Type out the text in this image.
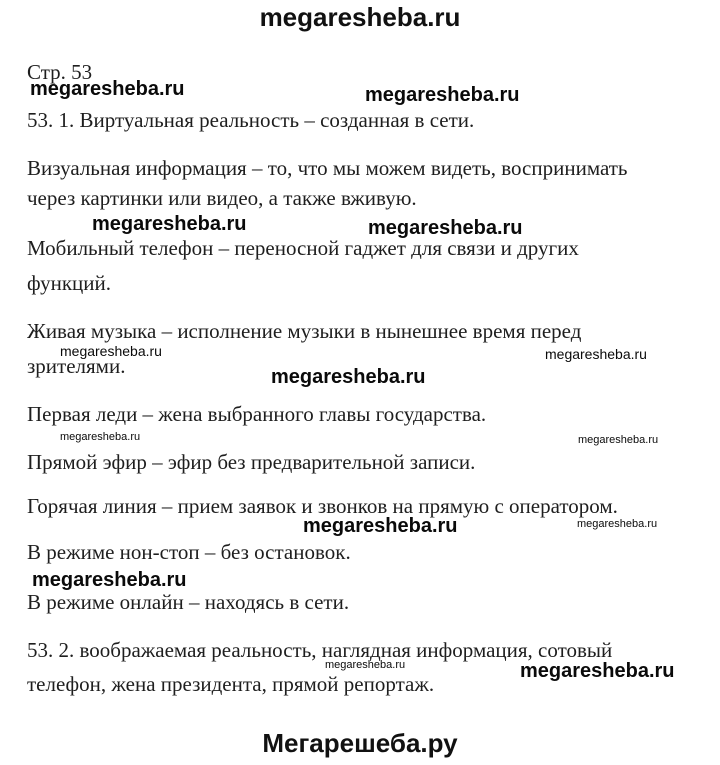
megaresheba.ru
Стр. 53
53. 1. Виртуальная реальность – созданная в сети.
Визуальная информация – то, что мы можем видеть, воспринимать
через картинки или видео, а также вживую.
Мобильный телефон – переносной гаджет для связи и других
функций.
Живая музыка – исполнение музыки в нынешнее время перед
зрителями.
Первая леди – жена выбранного главы государства.
Прямой эфир – эфир без предварительной записи.
Горячая линия – прием заявок и звонков на прямую с оператором.
В режиме нон-стоп – без остановок.
В режиме онлайн – находясь в сети.
53. 2. воображаемая реальность, наглядная информация, сотовый
телефон, жена президента, прямой репортаж.
megaresheba.ru	megaresheba.ru
megaresheba.ru	megaresheba.ru
megaresheba.ru	megaresheba.ru
megaresheba.ru
megaresheba.ru	megaresheba.ru
megaresheba.ru	megaresheba.ru
megaresheba.ru
megaresheba.ru	megaresheba.ru
Мегарешеба.ру
